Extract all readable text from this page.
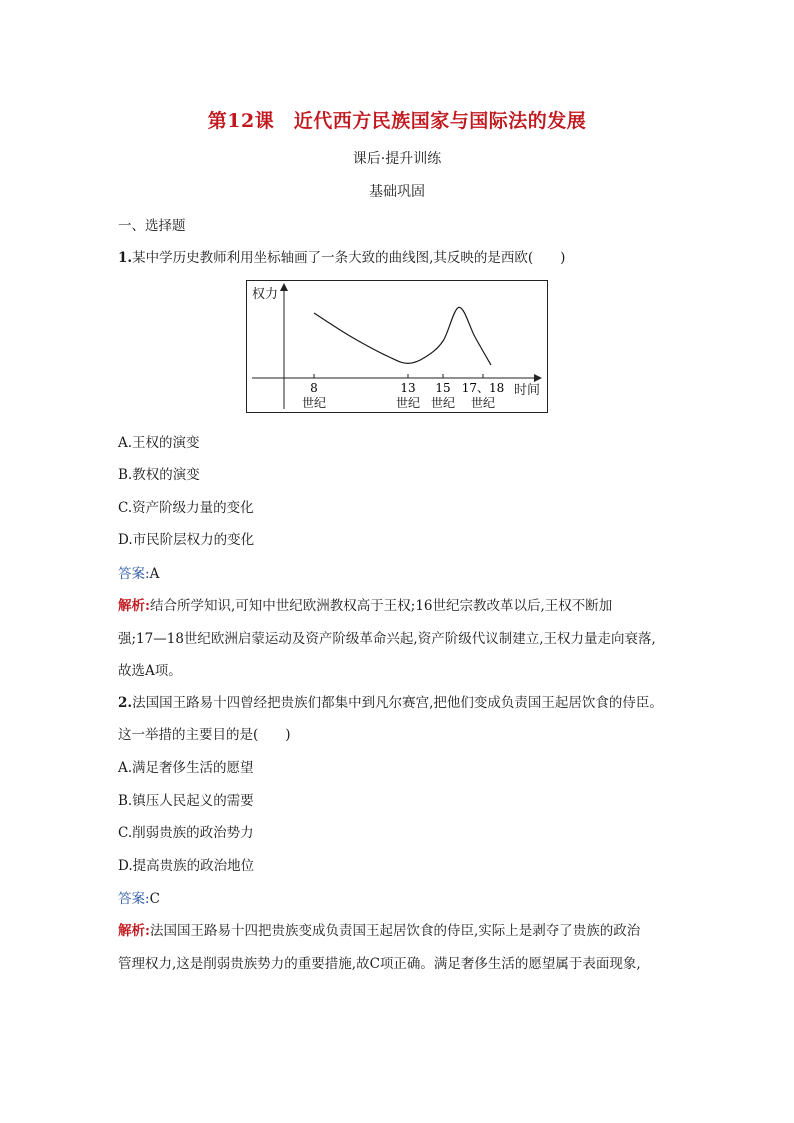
第12课　近代西方民族国家与国际法的发展
课后·提升训练
基础巩固
一、选择题
1.某中学历史教师利用坐标轴画了一条大致的曲线图,其反映的是西欧(　　)
权力
时间
8
世纪
13
世纪
15
世纪
17、18
世纪
A.王权的演变
B.教权的演变
C.资产阶级力量的变化
D.市民阶层权力的变化
答案:A
解析:结合所学知识,可知中世纪欧洲教权高于王权;16世纪宗教改革以后,王权不断加
强;17—18世纪欧洲启蒙运动及资产阶级革命兴起,资产阶级代议制建立,王权力量走向衰落,
故选A项。
2.法国国王路易十四曾经把贵族们都集中到凡尔赛宫,把他们变成负责国王起居饮食的侍臣。
这一举措的主要目的是(　　)
A.满足奢侈生活的愿望
B.镇压人民起义的需要
C.削弱贵族的政治势力
D.提高贵族的政治地位
答案:C
解析:法国国王路易十四把贵族变成负责国王起居饮食的侍臣,实际上是剥夺了贵族的政治
管理权力,这是削弱贵族势力的重要措施,故C项正确。满足奢侈生活的愿望属于表面现象,
